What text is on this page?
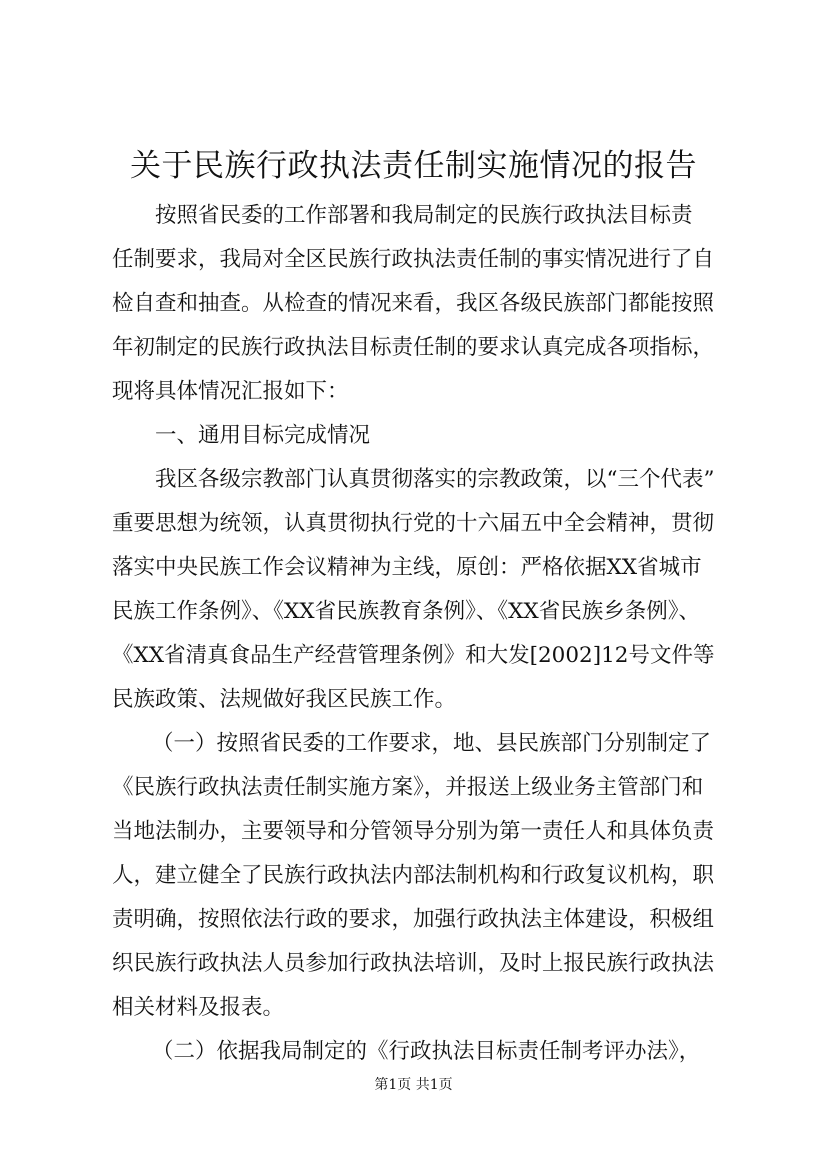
关于民族行政执法责任制实施情况的报告
按照省民委的工作部署和我局制定的民族行政执法目标责
任制要求，我局对全区民族行政执法责任制的事实情况进行了自
检自查和抽查。从检查的情况来看，我区各级民族部门都能按照
年初制定的民族行政执法目标责任制的要求认真完成各项指标，
现将具体情况汇报如下：
一、通用目标完成情况
我区各级宗教部门认真贯彻落实的宗教政策，以“三个代表”
重要思想为统领，认真贯彻执行党的十六届五中全会精神，贯彻
落实中央民族工作会议精神为主线，原创：严格依据XX省城市
民族工作条例》、《XX省民族教育条例》、《XX省民族乡条例》、
《XX省清真食品生产经营管理条例》和大发[2002]12号文件等
民族政策、法规做好我区民族工作。
（一）按照省民委的工作要求，地、县民族部门分别制定了
《民族行政执法责任制实施方案》，并报送上级业务主管部门和
当地法制办，主要领导和分管领导分别为第一责任人和具体负责
人，建立健全了民族行政执法内部法制机构和行政复议机构，职
责明确，按照依法行政的要求，加强行政执法主体建设，积极组
织民族行政执法人员参加行政执法培训，及时上报民族行政执法
相关材料及报表。
（二）依据我局制定的《行政执法目标责任制考评办法》，
第1页 共1页
